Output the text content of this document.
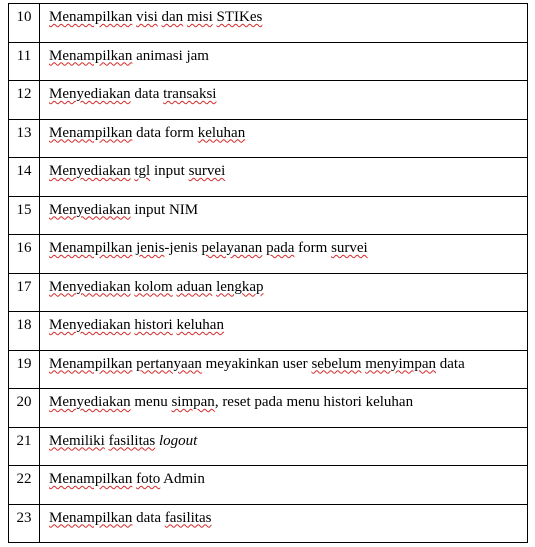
10	Menampilkan visi dan misi STIKes
11	Menampilkan animasi jam
12	Menyediakan data transaksi
13	Menampilkan data form keluhan
14	Menyediakan tgl input survei
15	Menyediakan input NIM
16	Menampilkan jenis-jenis pelayanan pada form survei
17	Menyediakan kolom aduan lengkap
18	Menyediakan histori keluhan
19	Menampilkan pertanyaan meyakinkan user sebelum menyimpan data
20	Menyediakan menu simpan, reset pada menu histori keluhan
21	Memiliki fasilitas logout
22	Menampilkan foto Admin
23	Menampilkan data fasilitas
